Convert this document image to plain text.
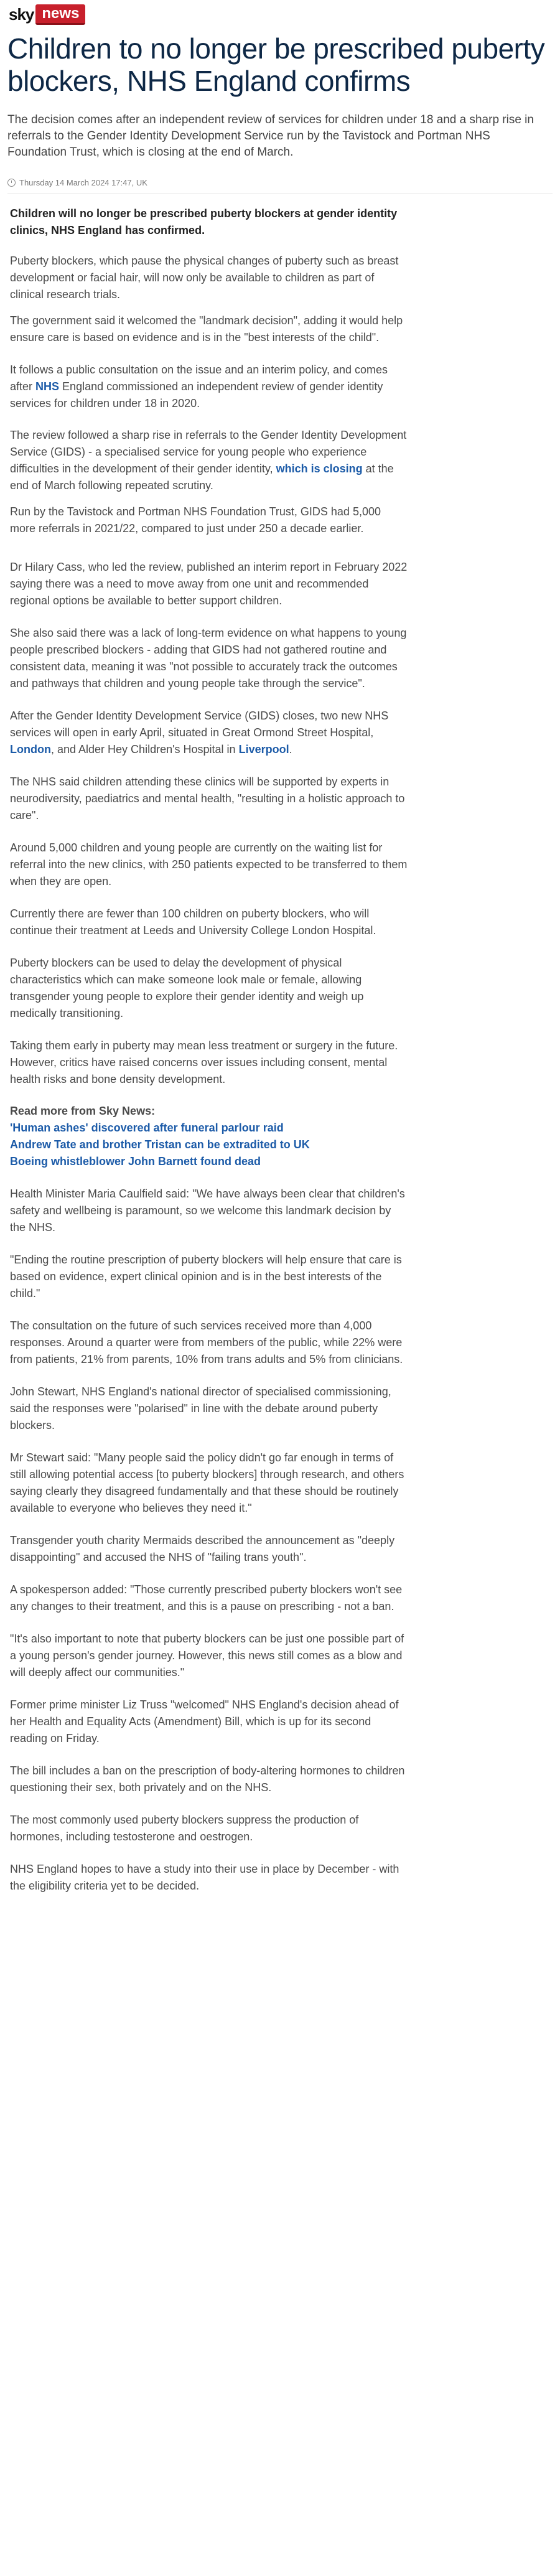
sky news
Children to no longer be prescribed puberty blockers, NHS England confirms

The decision comes after an independent review of services for children under 18 and a sharp rise in referrals to the Gender Identity Development Service run by the Tavistock and Portman NHS Foundation Trust, which is closing at the end of March.

Thursday 14 March 2024 17:47, UK

Children will no longer be prescribed puberty blockers at gender identity clinics, NHS England has confirmed.

Puberty blockers, which pause the physical changes of puberty such as breast development or facial hair, will now only be available to children as part of clinical research trials.

The government said it welcomed the "landmark decision", adding it would help ensure care is based on evidence and is in the "best interests of the child".

It follows a public consultation on the issue and an interim policy, and comes after NHS England commissioned an independent review of gender identity services for children under 18 in 2020.

The review followed a sharp rise in referrals to the Gender Identity Development Service (GIDS) - a specialised service for young people who experience difficulties in the development of their gender identity, which is closing at the end of March following repeated scrutiny.

Run by the Tavistock and Portman NHS Foundation Trust, GIDS had 5,000 more referrals in 2021/22, compared to just under 250 a decade earlier.

Dr Hilary Cass, who led the review, published an interim report in February 2022 saying there was a need to move away from one unit and recommended regional options be available to better support children.

She also said there was a lack of long-term evidence on what happens to young people prescribed blockers - adding that GIDS had not gathered routine and consistent data, meaning it was "not possible to accurately track the outcomes and pathways that children and young people take through the service".

After the Gender Identity Development Service (GIDS) closes, two new NHS services will open in early April, situated in Great Ormond Street Hospital, London, and Alder Hey Children's Hospital in Liverpool.

The NHS said children attending these clinics will be supported by experts in neurodiversity, paediatrics and mental health, "resulting in a holistic approach to care".

Around 5,000 children and young people are currently on the waiting list for referral into the new clinics, with 250 patients expected to be transferred to them when they are open.

Currently there are fewer than 100 children on puberty blockers, who will continue their treatment at Leeds and University College London Hospital.

Puberty blockers can be used to delay the development of physical characteristics which can make someone look male or female, allowing transgender young people to explore their gender identity and weigh up medically transitioning.

Taking them early in puberty may mean less treatment or surgery in the future. However, critics have raised concerns over issues including consent, mental health risks and bone density development.

Read more from Sky News:

'Human ashes' discovered after funeral parlour raid
Andrew Tate and brother Tristan can be extradited to UK
Boeing whistleblower John Barnett found dead

Health Minister Maria Caulfield said: "We have always been clear that children's safety and wellbeing is paramount, so we welcome this landmark decision by the NHS.

"Ending the routine prescription of puberty blockers will help ensure that care is based on evidence, expert clinical opinion and is in the best interests of the child."

The consultation on the future of such services received more than 4,000 responses. Around a quarter were from members of the public, while 22% were from patients, 21% from parents, 10% from trans adults and 5% from clinicians.

John Stewart, NHS England's national director of specialised commissioning, said the responses were "polarised" in line with the debate around puberty blockers.

Mr Stewart said: "Many people said the policy didn't go far enough in terms of still allowing potential access [to puberty blockers] through research, and others saying clearly they disagreed fundamentally and that these should be routinely available to everyone who believes they need it."

Transgender youth charity Mermaids described the announcement as "deeply disappointing" and accused the NHS of "failing trans youth".

A spokesperson added: "Those currently prescribed puberty blockers won't see any changes to their treatment, and this is a pause on prescribing - not a ban.

"It's also important to note that puberty blockers can be just one possible part of a young person's gender journey. However, this news still comes as a blow and will deeply affect our communities."

Former prime minister Liz Truss "welcomed" NHS England's decision ahead of her Health and Equality Acts (Amendment) Bill, which is up for its second reading on Friday.

The bill includes a ban on the prescription of body-altering hormones to children questioning their sex, both privately and on the NHS.

The most commonly used puberty blockers suppress the production of hormones, including testosterone and oestrogen.

NHS England hopes to have a study into their use in place by December - with the eligibility criteria yet to be decided.
